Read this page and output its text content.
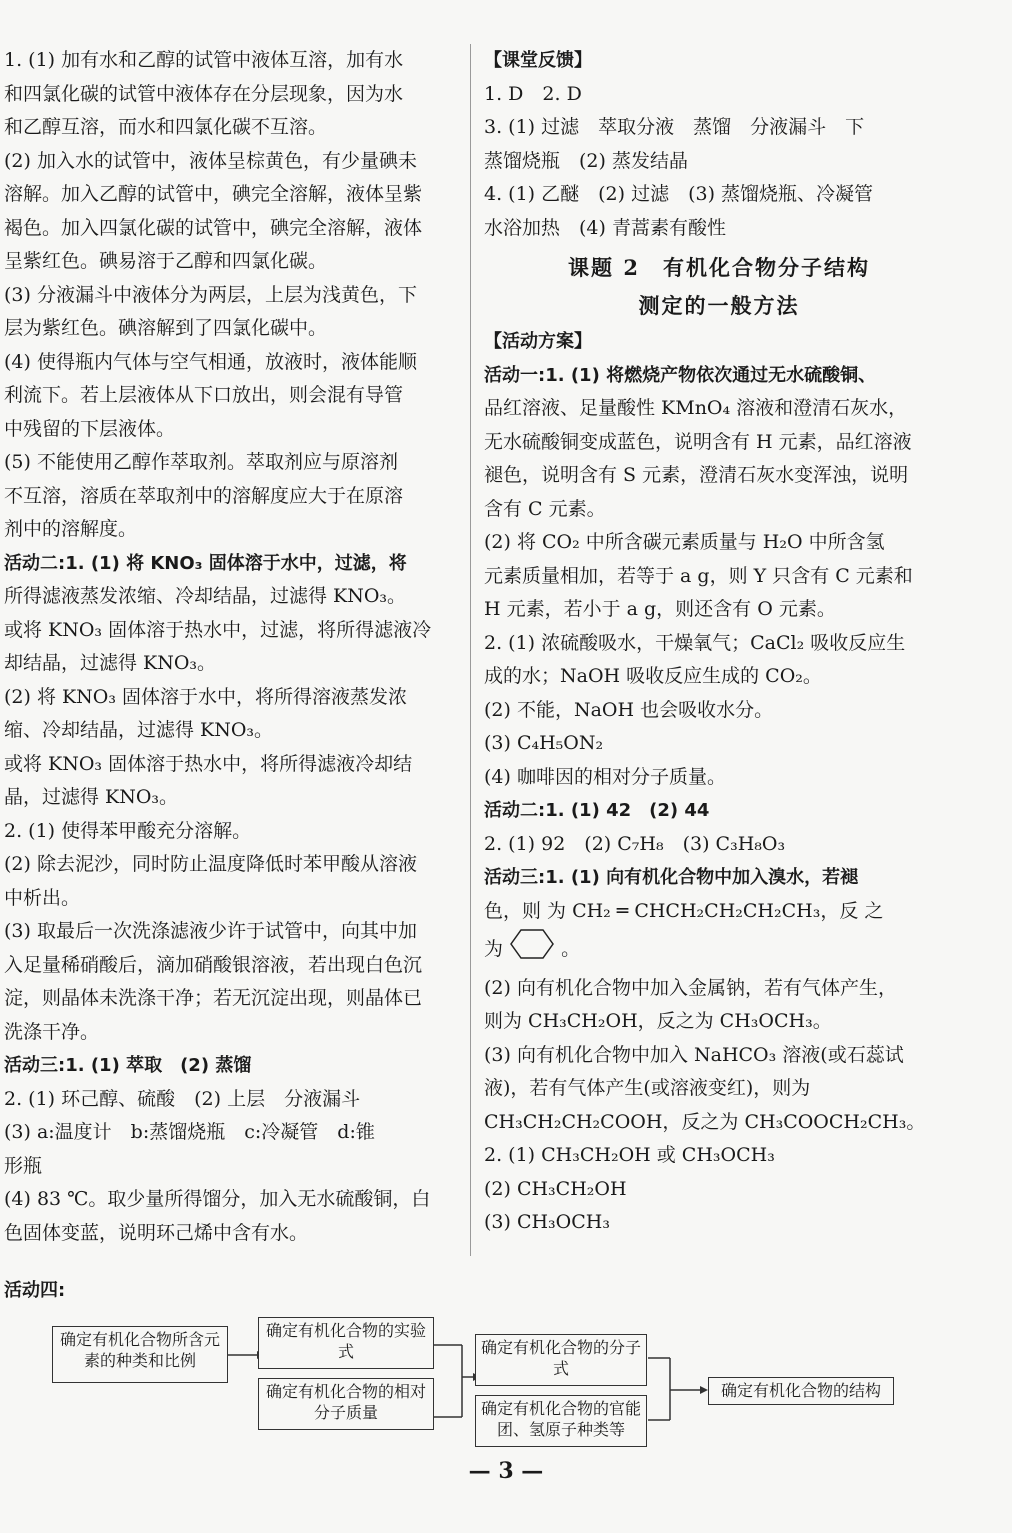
1. (1) 加有水和乙醇的试管中液体互溶，加有水
和四氯化碳的试管中液体存在分层现象，因为水
和乙醇互溶，而水和四氯化碳不互溶。
(2) 加入水的试管中，液体呈棕黄色，有少量碘未
溶解。加入乙醇的试管中，碘完全溶解，液体呈紫
褐色。加入四氯化碳的试管中，碘完全溶解，液体
呈紫红色。碘易溶于乙醇和四氯化碳。
(3) 分液漏斗中液体分为两层，上层为浅黄色，下
层为紫红色。碘溶解到了四氯化碳中。
(4) 使得瓶内气体与空气相通，放液时，液体能顺
利流下。若上层液体从下口放出，则会混有导管
中残留的下层液体。
(5) 不能使用乙醇作萃取剂。萃取剂应与原溶剂
不互溶，溶质在萃取剂中的溶解度应大于在原溶
剂中的溶解度。
活动二:1. (1) 将 KNO₃ 固体溶于水中，过滤，将
所得滤液蒸发浓缩、冷却结晶，过滤得 KNO₃。
或将 KNO₃ 固体溶于热水中，过滤，将所得滤液冷
却结晶，过滤得 KNO₃。
(2) 将 KNO₃ 固体溶于水中，将所得溶液蒸发浓
缩、冷却结晶，过滤得 KNO₃。
或将 KNO₃ 固体溶于热水中，将所得滤液冷却结
晶，过滤得 KNO₃。
2. (1) 使得苯甲酸充分溶解。
(2) 除去泥沙，同时防止温度降低时苯甲酸从溶液
中析出。
(3) 取最后一次洗涤滤液少许于试管中，向其中加
入足量稀硝酸后，滴加硝酸银溶液，若出现白色沉
淀，则晶体未洗涤干净；若无沉淀出现，则晶体已
洗涤干净。
活动三:1. (1) 萃取　(2) 蒸馏
2. (1) 环己醇、硫酸　(2) 上层　分液漏斗
(3) a:温度计　b:蒸馏烧瓶　c:冷凝管　d:锥
形瓶
(4) 83 ℃。取少量所得馏分，加入无水硫酸铜，白
色固体变蓝，说明环己烯中含有水。
【课堂反馈】
1. D　2. D
3. (1) 过滤　萃取分液　蒸馏　分液漏斗　下
蒸馏烧瓶　(2) 蒸发结晶
4. (1) 乙醚　(2) 过滤　(3) 蒸馏烧瓶、冷凝管
水浴加热　(4) 青蒿素有酸性
课题 2　有机化合物分子结构
测定的一般方法
【活动方案】
活动一:1. (1) 将燃烧产物依次通过无水硫酸铜、
品红溶液、足量酸性 KMnO₄ 溶液和澄清石灰水，
无水硫酸铜变成蓝色，说明含有 H 元素，品红溶液
褪色，说明含有 S 元素，澄清石灰水变浑浊，说明
含有 C 元素。
(2) 将 CO₂ 中所含碳元素质量与 H₂O 中所含氢
元素质量相加，若等于 a g，则 Y 只含有 C 元素和
H 元素，若小于 a g，则还含有 O 元素。
2. (1) 浓硫酸吸水，干燥氧气；CaCl₂ 吸收反应生
成的水；NaOH 吸收反应生成的 CO₂。
(2) 不能，NaOH 也会吸收水分。
(3) C₄H₅ON₂
(4) 咖啡因的相对分子质量。
活动二:1. (1) 42　(2) 44
2. (1) 92　(2) C₇H₈　(3) C₃H₈O₃
活动三:1. (1) 向有机化合物中加入溴水，若褪
色，则 为 CH₂ ═ CHCH₂CH₂CH₂CH₃，反 之
为	。
(2) 向有机化合物中加入金属钠，若有气体产生，
则为 CH₃CH₂OH，反之为 CH₃OCH₃。
(3) 向有机化合物中加入 NaHCO₃ 溶液(或石蕊试
液)，若有气体产生(或溶液变红)，则为
CH₃CH₂CH₂COOH，反之为 CH₃COOCH₂CH₃。
2. (1) CH₃CH₂OH 或 CH₃OCH₃
(2) CH₃CH₂OH
(3) CH₃OCH₃
活动四:
确定有机化合物所含元素的种类和比例
确定有机化合物的实验式
确定有机化合物的相对分子质量
确定有机化合物的分子式
确定有机化合物的官能团、氢原子种类等
确定有机化合物的结构
— 3 —
